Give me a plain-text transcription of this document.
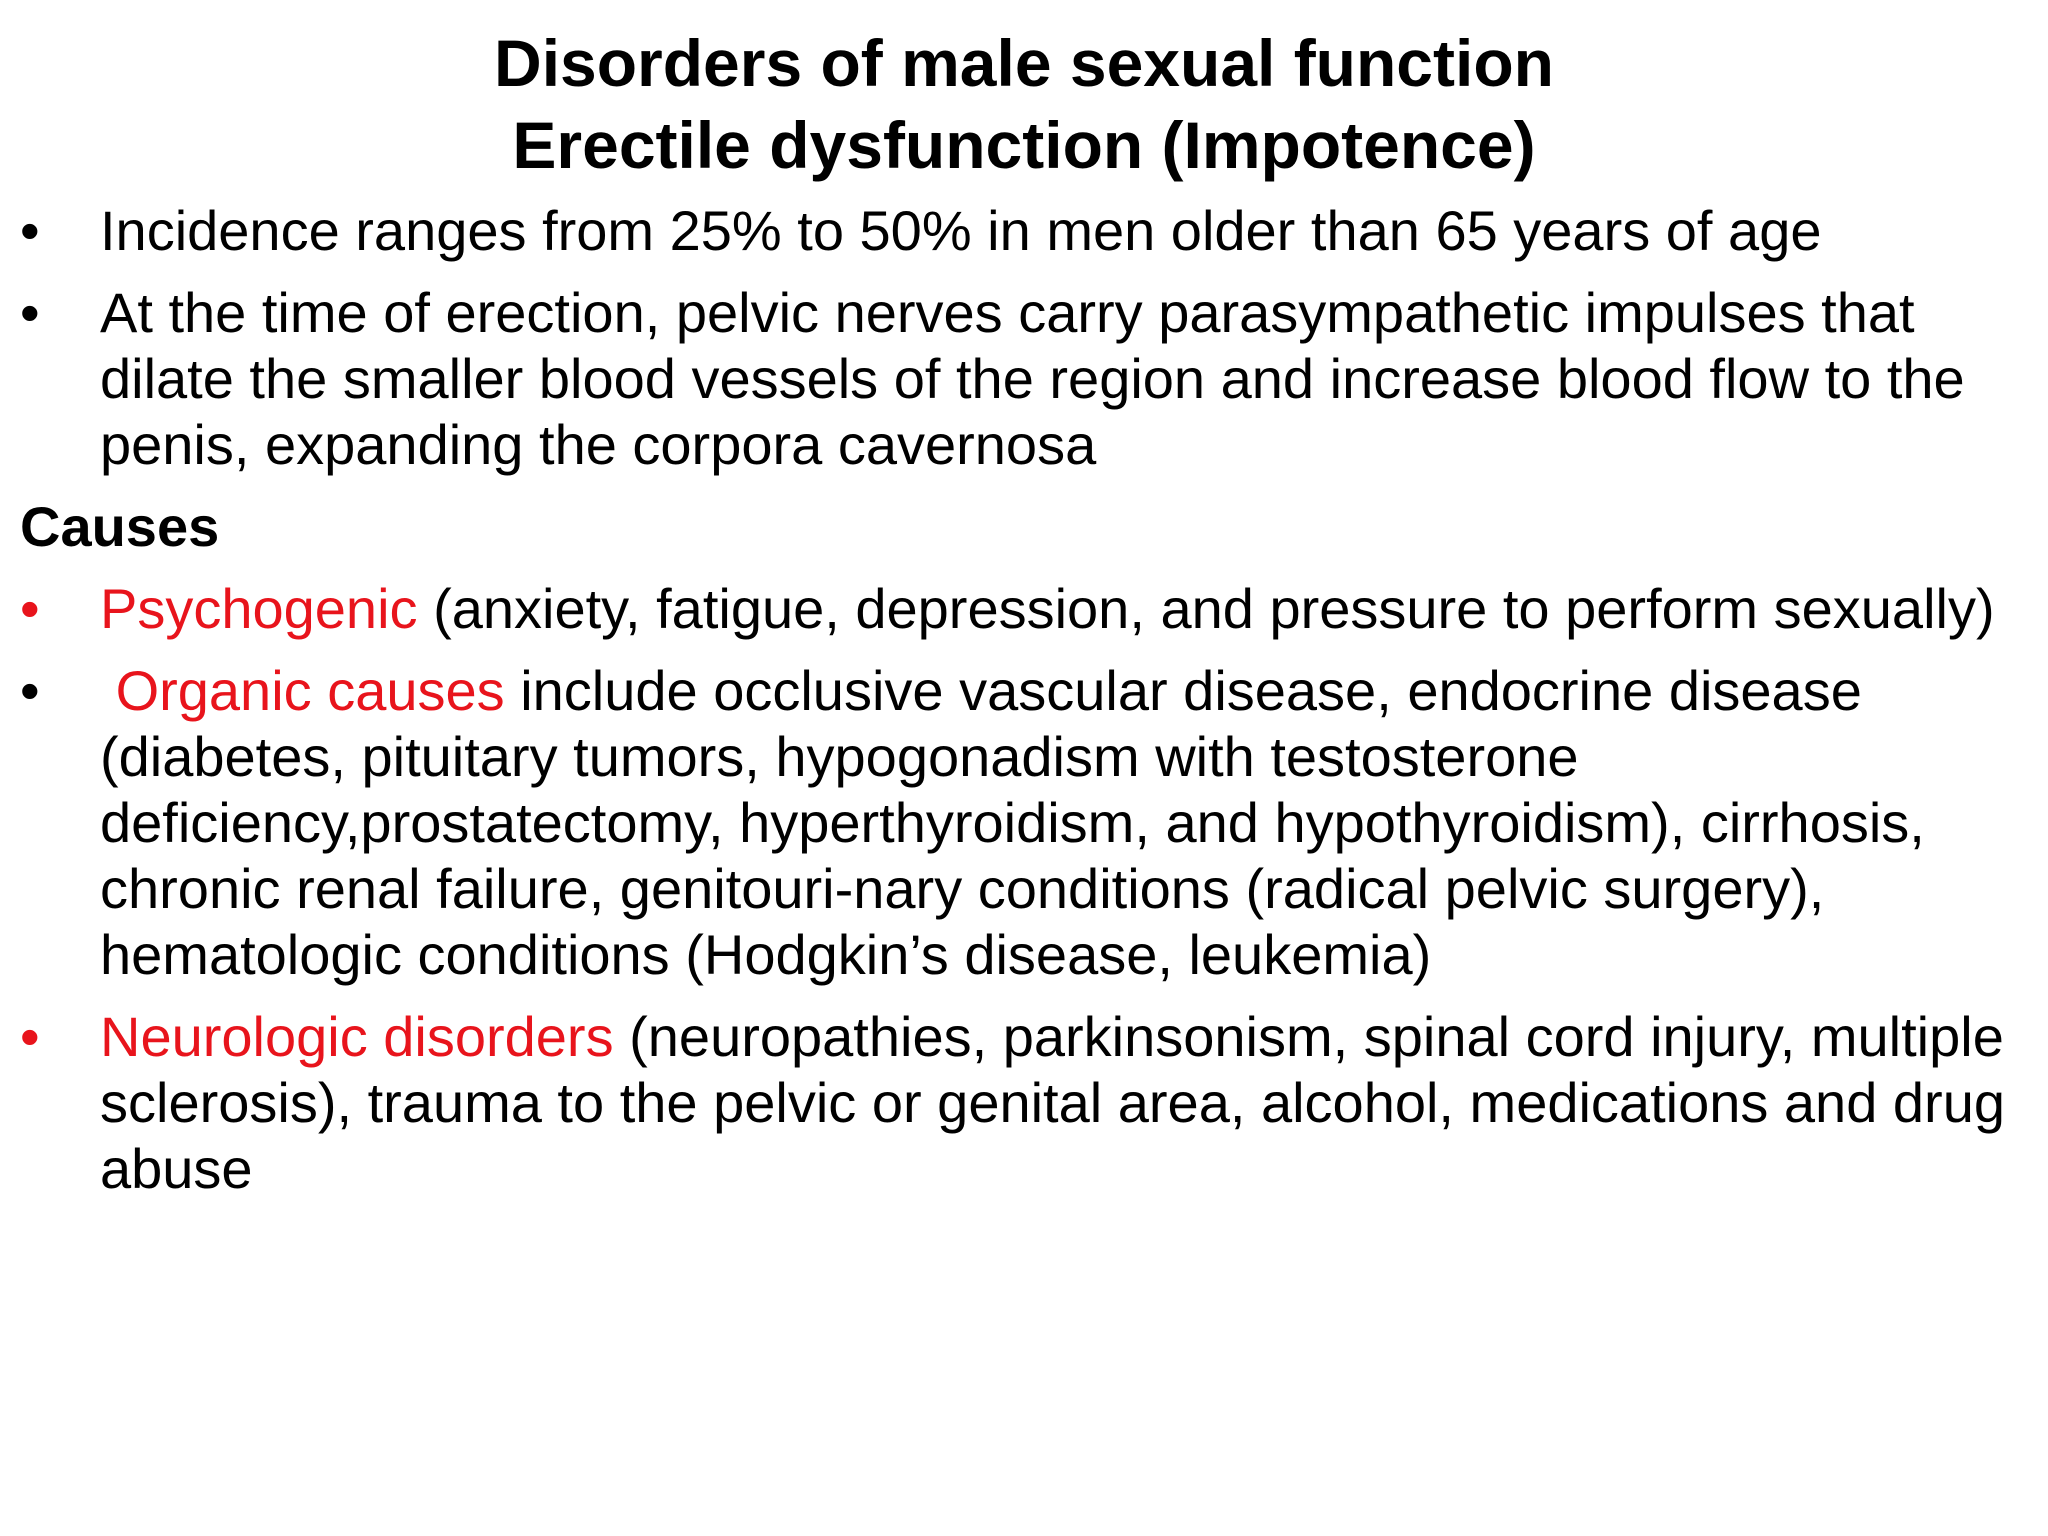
Disorders of male sexual function
Erectile dysfunction (Impotence)
•	Incidence ranges from 25% to 50% in men older than 65 years of age
•	At the time of erection, pelvic nerves carry parasympathetic impulses that dilate the smaller blood vessels of the region and increase blood flow to the penis, expanding the corpora cavernosa
Causes
•	Psychogenic (anxiety, fatigue, depression, and pressure to perform sexually)
•	Organic causes include occlusive vascular disease, endocrine disease (diabetes, pituitary tumors, hypogonadism with testosterone deficiency,prostatectomy, hyperthyroidism, and hypothyroidism), cirrhosis, chronic renal failure, genitouri-nary conditions (radical pelvic surgery), hematologic conditions (Hodgkin’s disease, leukemia)
•	Neurologic disorders (neuropathies, parkinsonism, spinal cord injury, multiple sclerosis), trauma to the pelvic or genital area, alcohol, medications and drug abuse
